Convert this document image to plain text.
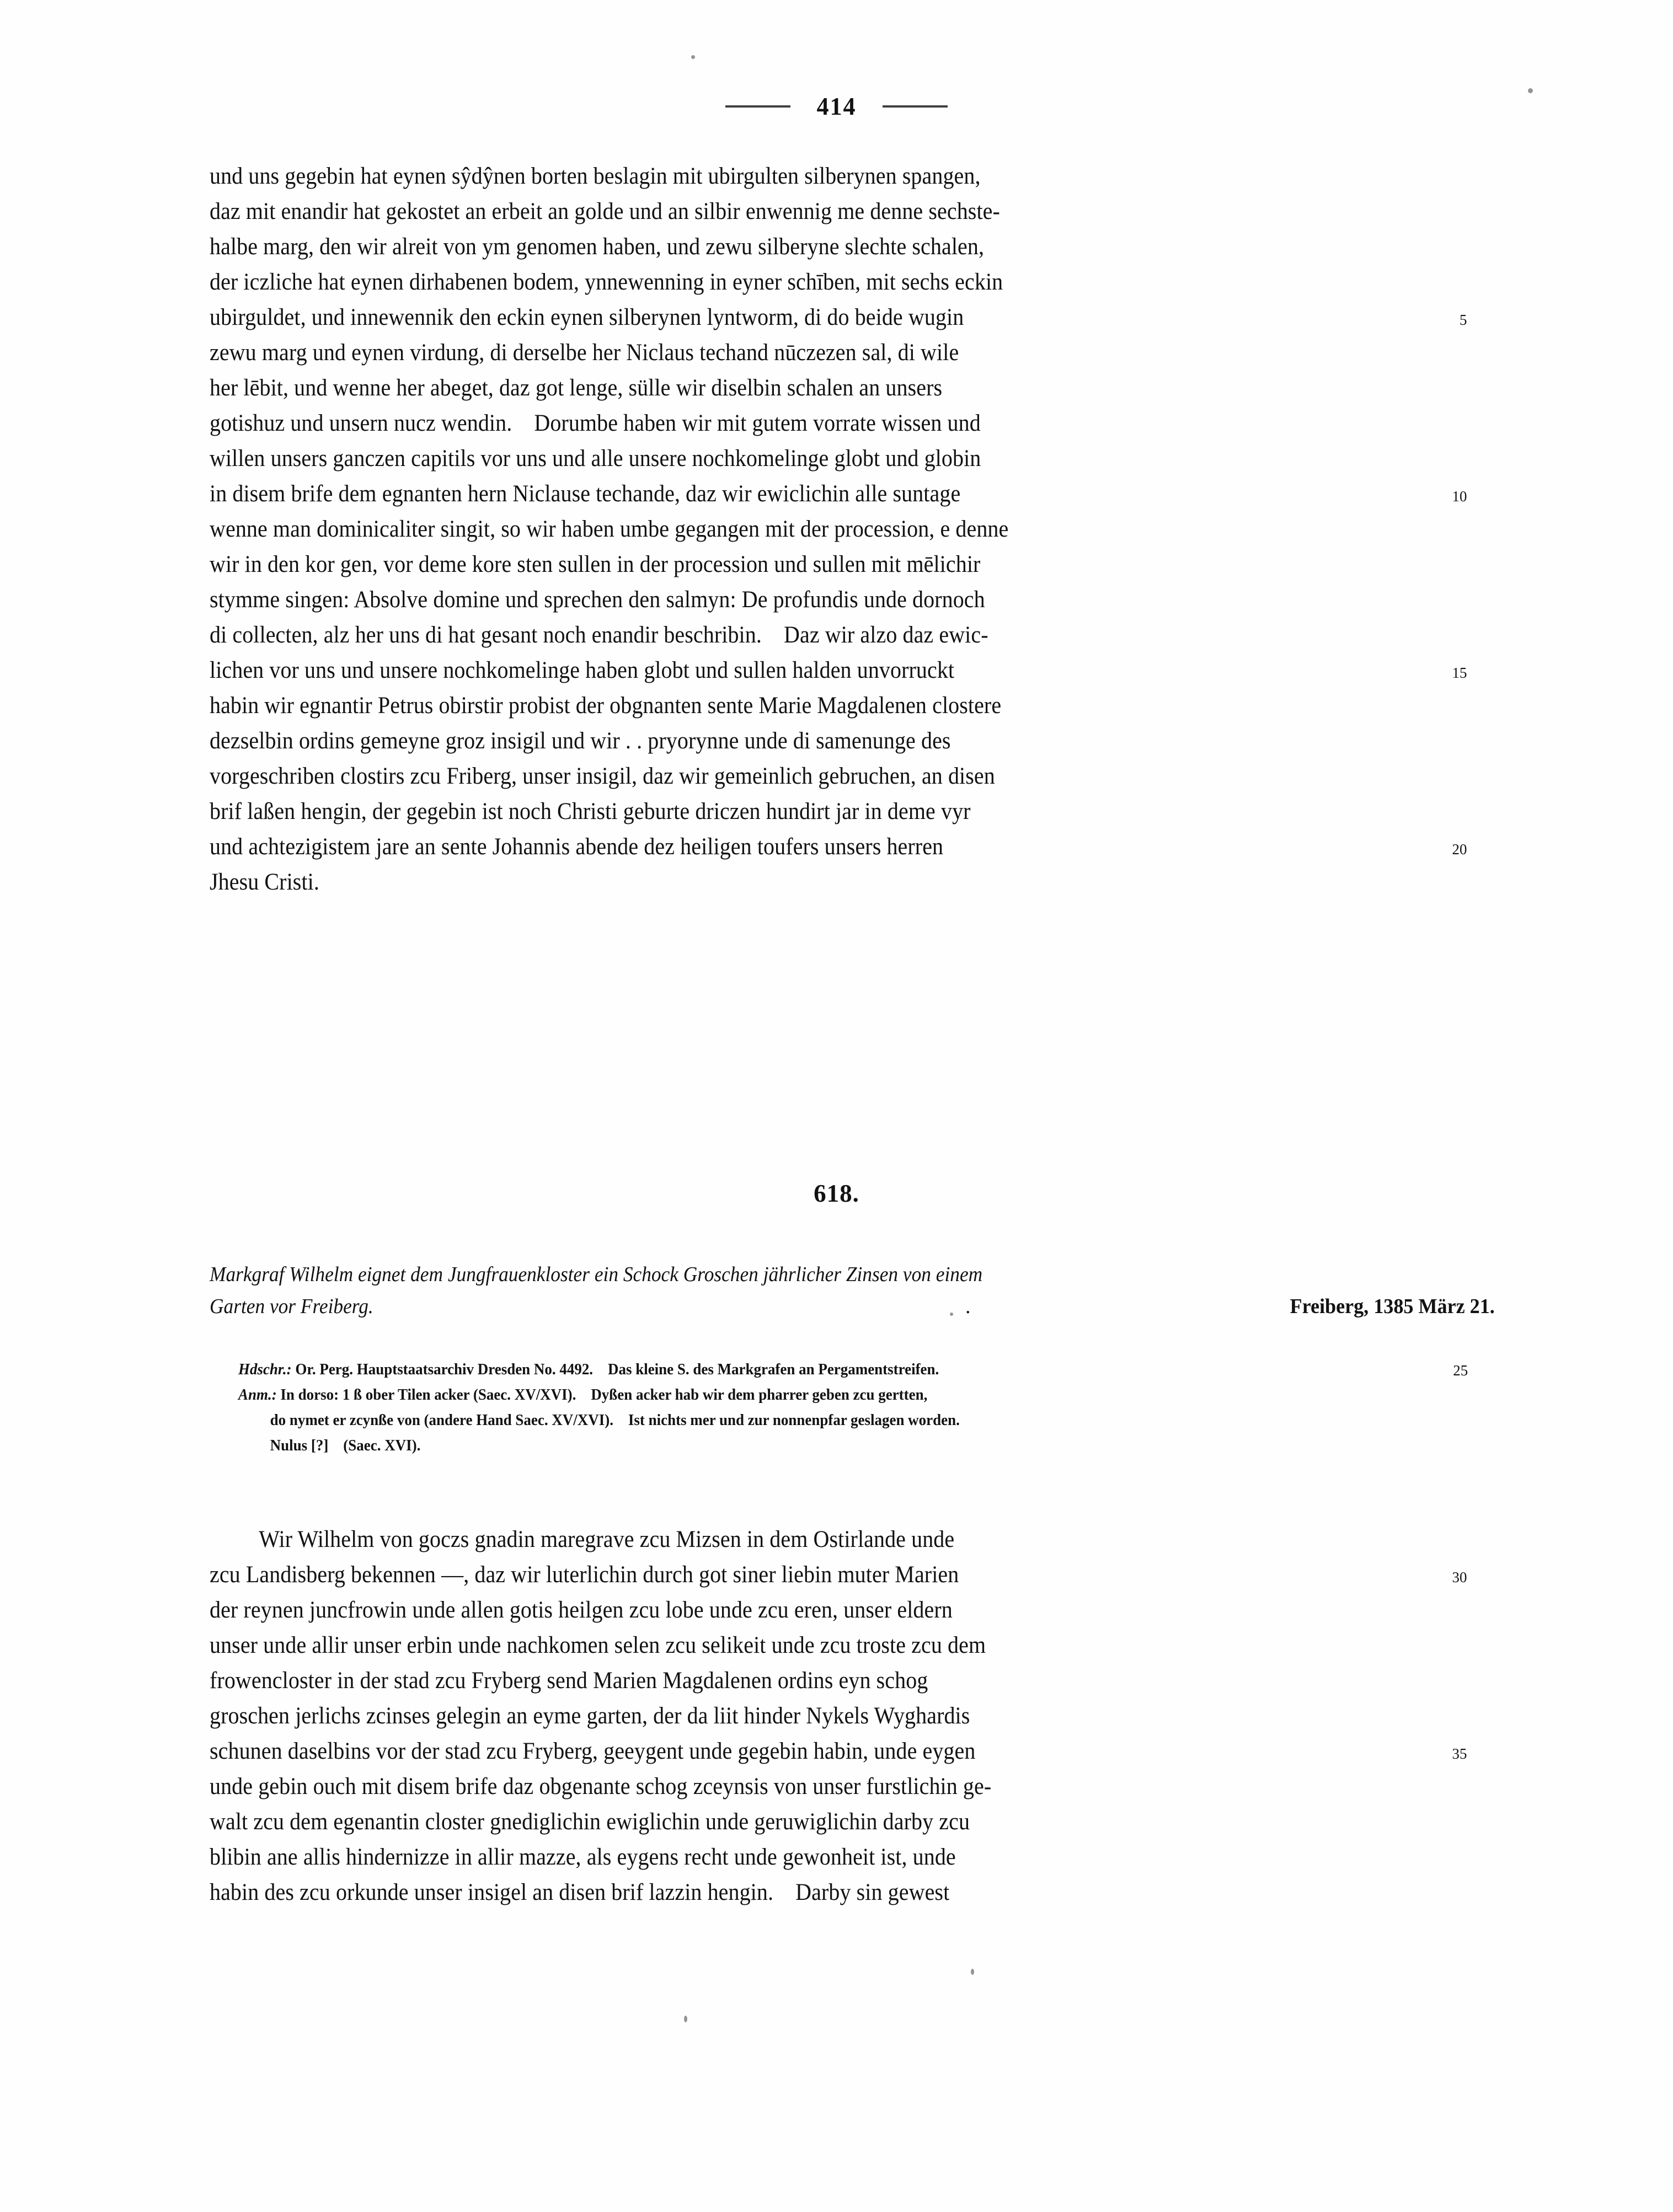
414
und uns gegebin hat eynen sŷdŷnen borten beslagin mit ubirgulten silberynen spangen,
daz mit enandir hat gekostet an erbeit an golde und an silbir enwennig me denne sechste-
halbe marg, den wir alreit von ym genomen haben, und zewu silberyne slechte schalen,
der iczliche hat eynen dirhabenen bodem, ynnewenning in eyner schīben, mit sechs eckin
ubirguldet, und innewennik den eckin eynen silberynen lyntworm, di do beide wugin	5
zewu marg und eynen virdung, di derselbe her Niclaus techand nūczezen sal, di wile
her lēbit, und wenne her abeget, daz got lenge, sülle wir diselbin schalen an unsers
gotishuz und unsern nucz wendin. Dorumbe haben wir mit gutem vorrate wissen und
willen unsers ganczen capitils vor uns und alle unsere nochkomelinge globt und globin
in disem brife dem egnanten hern Niclause techande, daz wir ewiclichin alle suntage	10
wenne man dominicaliter singit, so wir haben umbe gegangen mit der procession, e denne
wir in den kor gen, vor deme kore sten sullen in der procession und sullen mit mēlichir
stymme singen: Absolve domine und sprechen den salmyn: De profundis unde dornoch
di collecten, alz her uns di hat gesant noch enandir beschribin. Daz wir alzo daz ewic-
lichen vor uns und unsere nochkomelinge haben globt und sullen halden unvorruckt	15
habin wir egnantir Petrus obirstir probist der obgnanten sente Marie Magdalenen clostere
dezselbin ordins gemeyne groz insigil und wir . . pryorynne unde di samenunge des
vorgeschriben clostirs zcu Friberg, unser insigil, daz wir gemeinlich gebruchen, an disen
brif laßen hengin, der gegebin ist noch Christi geburte driczen hundirt jar in deme vyr
und achtezigistem jare an sente Johannis abende dez heiligen toufers unsers herren	20
Jhesu Cristi.
618.
Markgraf Wilhelm eignet dem Jungfrauenkloster ein Schock Groschen jährlicher Zinsen von einem
Garten vor Freiberg.	.	Freiberg, 1385 März 21.
Hdschr.: Or. Perg. Hauptstaatsarchiv Dresden No. 4492. Das kleine S. des Markgrafen an Pergamentstreifen.	25
Anm.: In dorso: 1 ß ober Tilen acker (Saec. XV/XVI). Dyßen acker hab wir dem pharrer geben zcu gertten,
do nymet er zcynße von (andere Hand Saec. XV/XVI). Ist nichts mer und zur nonnenpfar geslagen worden.
Nulus [?] (Saec. XVI).
Wir Wilhelm von goczs gnadin maregrave zcu Mizsen in dem Ostirlande unde
zcu Landisberg bekennen —, daz wir luterlichin durch got siner liebin muter Marien	30
der reynen juncfrowin unde allen gotis heilgen zcu lobe unde zcu eren, unser eldern
unser unde allir unser erbin unde nachkomen selen zcu selikeit unde zcu troste zcu dem
frowencloster in der stad zcu Fryberg send Marien Magdalenen ordins eyn schog
groschen jerlichs zcinses gelegin an eyme garten, der da liit hinder Nykels Wyghardis
schunen daselbins vor der stad zcu Fryberg, geeygent unde gegebin habin, unde eygen	35
unde gebin ouch mit disem brife daz obgenante schog zceynsis von unser furstlichin ge-
walt zcu dem egenantin closter gnediglichin ewiglichin unde geruwiglichin darby zcu
blibin ane allis hindernizze in allir mazze, als eygens recht unde gewonheit ist, unde
habin des zcu orkunde unser insigel an disen brif lazzin hengin. Darby sin gewest
